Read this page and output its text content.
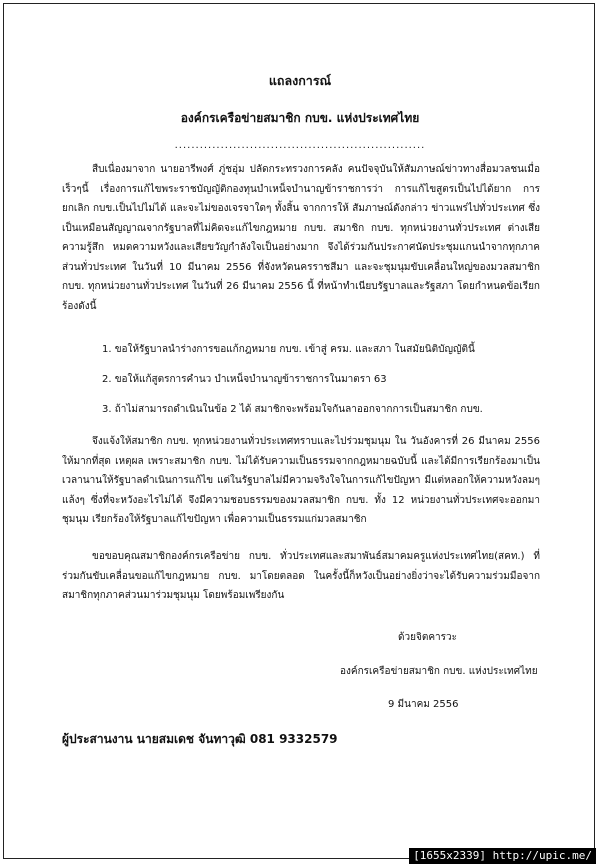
แถลงการณ์
องค์กรเครือข่ายสมาชิก กบข. แห่งประเทศไทย
............................................................

สืบเนื่องมาจาก นายอารีพงศ์ ภู่ชอุ่ม ปลัดกระทรวงการคลัง คนปัจจุบันให้สัมภาษณ์ข่าวทางสื่อมวลชนเมื่อเร็วๆนี้ เรื่องการแก้ไขพระราชบัญญัติกองทุนบำเหน็จบำนาญข้าราชการว่า การแก้ไขสูตรเป็นไปได้ยาก การยกเลิก กบข.เป็นไปไม่ได้ และจะไม่ของเจรจาใดๆ ทั้งสิ้น จากการให้ สัมภาษณ์ดังกล่าว ข่าวแพร่ไปทั่วประเทศ ซึ่งเป็นเหมือนสัญญาณจากรัฐบาลที่ไม่คิดจะแก้ไขกฎหมาย กบข. สมาชิก กบข. ทุกหน่วยงานทั่วประเทศ ต่างเสียความรู้สึก หมดความหวังและเสียขวัญกำลังใจเป็นอย่างมาก จึงได้ร่วมกันประกาศนัดประชุมแกนนำจากทุกภาคส่วนทั่วประเทศ ในวันที่ 10 มีนาคม 2556 ที่จังหวัดนครราชสีมา และจะชุมนุมขับเคลื่อนใหญ่ของมวลสมาชิก กบข. ทุกหน่วยงานทั่วประเทศ ในวันที่ 26 มีนาคม 2556 นี้ ที่หน้าทำเนียบรัฐบาลและรัฐสภา โดยกำหนดข้อเรียกร้องดังนี้

1. ขอให้รัฐบาลนำร่างการขอแก้กฎหมาย กบข. เข้าสู่ ครม. และสภา ในสมัยนิติบัญญัตินี้

2. ขอให้แก้สูตรการคำนว บำเหน็จบำนาญข้าราชการในมาตรา 63

3. ถ้าไม่สามารถดำเนินในข้อ 2 ได้ สมาชิกจะพร้อมใจกันลาออกจากการเป็นสมาชิก กบข.

จึงแจ้งให้สมาชิก กบข. ทุกหน่วยงานทั่วประเทศทราบและไปร่วมชุมนุม ใน วันอังคารที่ 26 มีนาคม 2556 ให้มากที่สุด เหตุผล เพราะสมาชิก กบข. ไม่ได้รับความเป็นธรรมจากกฎหมายฉบับนี้ และได้มีการเรียกร้องมาเป็นเวลานานให้รัฐบาลดำเนินการแก้ไข แต่ในรัฐบาลไม่มีความจริงใจในการแก้ไขปัญหา มีแต่หลอกให้ความหวังลมๆแล้งๆ ซึ่งที่จะหวังอะไรไม่ได้ จึงมีความชอบธรรมของมวลสมาชิก กบข. ทั้ง 12 หน่วยงานทั่วประเทศจะออกมาชุมนุม เรียกร้องให้รัฐบาลแก้ไขปัญหา เพื่อความเป็นธรรมแก่มวลสมาชิก

ขอขอบคุณสมาชิกองค์กรเครือข่าย กบข. ทั่วประเทศและสมาพันธ์สมาคมครูแห่งประเทศไทย(สคท.) ที่ร่วมกันขับเคลื่อนขอแก้ไขกฎหมาย กบข. มาโดยตลอด ในครั้งนี้ก็หวังเป็นอย่างยิ่งว่าจะได้รับความร่วมมือจากสมาชิกทุกภาคส่วนมาร่วมชุมนุม โดยพร้อมเพรียงกัน

ด้วยจิตคารวะ
องค์กรเครือข่ายสมาชิก กบข. แห่งประเทศไทย
9 มีนาคม 2556
ผู้ประสานงาน นายสมเดช จันทาวุฒิ 081 9332579
[1655x2339] http://upic.me/
